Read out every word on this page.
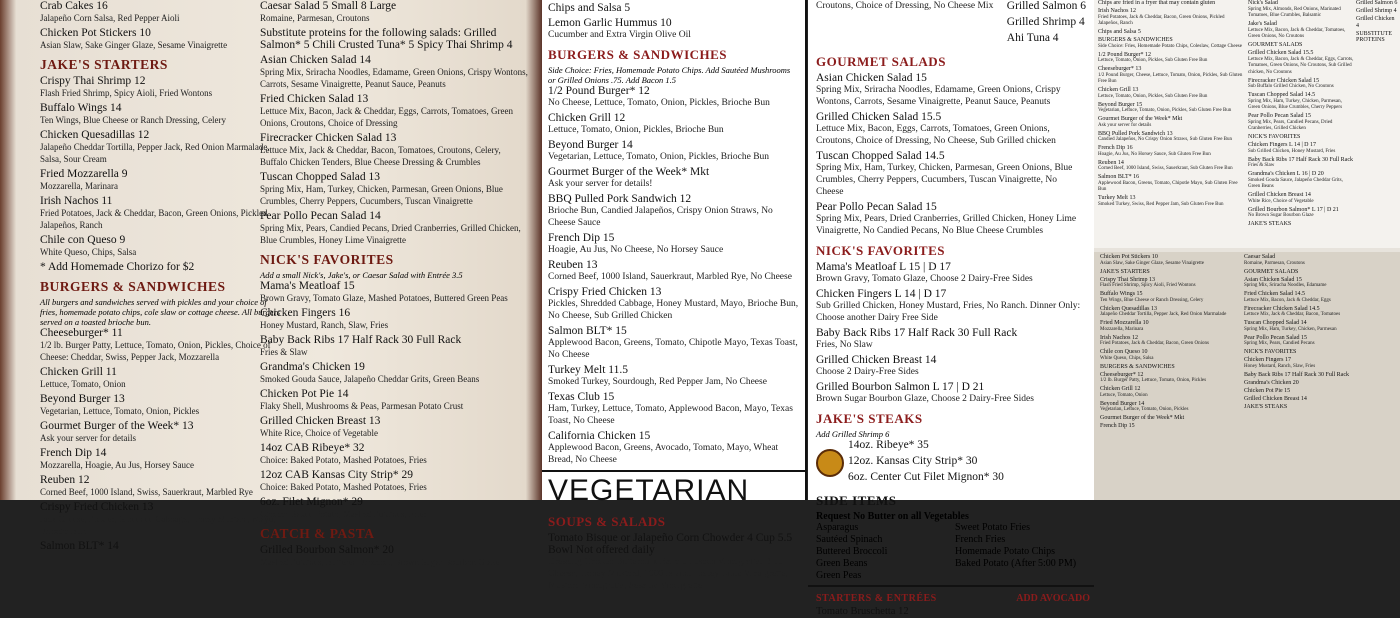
Crab Cakes 16
Jalapeño Corn Salsa, Red Pepper Aioli
Chicken Pot Stickers 10
Asian Slaw, Sake Ginger Glaze, Sesame Vinaigrette
JAKE'S STARTERS
Crispy Thai Shrimp 12
Flash Fried Shrimp, Spicy Aioli, Fried Wontons
Buffalo Wings 14
Ten Wings, Blue Cheese or Ranch Dressing, Celery
Chicken Quesadillas 12
Jalapeño Cheddar Tortilla, Pepper Jack, Red Onion Marmalade, Salsa, Sour Cream
Fried Mozzarella 9
Mozzarella, Marinara
Irish Nachos 11
Fried Potatoes, Jack & Cheddar, Bacon, Green Onions, Pickled Jalapeños, Ranch
Chile con Queso 9
White Queso, Chips, Salsa
* Add Homemade Chorizo for $2
BURGERS & SANDWICHES
All burgers and sandwiches served with pickles and your choice of fries, homemade potato chips, cole slaw or cottage cheese. All burgers served on a toasted brioche bun.
Cheeseburger* 11
1/2 lb. Burger Patty, Lettuce, Tomato, Onion, Pickles, Choice of Cheese: Cheddar, Swiss, Pepper Jack, Mozzarella
Chicken Grill 11
Lettuce, Tomato, Onion
Beyond Burger 13
Vegetarian, Lettuce, Tomato, Onion, Pickles
Gourmet Burger of the Week* 13
Ask your server for details
French Dip 14
Mozzarella, Hoagie, Au Jus, Horsey Sauce
Reuben 12
Corned Beef, 1000 Island, Swiss, Sauerkraut, Marbled Rye
Crispy Fried Chicken 13
Jack Cheese, Pickles, Shredded Cabbage, Honey Mustard, Mayo, Brioche Bun
Salmon BLT* 14
Caesar Salad 5 Small 8 Large
Romaine, Parmesan, Croutons
Substitute proteins for the following salads: Grilled Salmon* 5 Chili Crusted Tuna* 5 Spicy Thai Shrimp 4
Asian Chicken Salad 14
Spring Mix, Sriracha Noodles, Edamame, Green Onions, Crispy Wontons, Carrots, Sesame Vinaigrette, Peanut Sauce, Peanuts
Fried Chicken Salad 13
Lettuce Mix, Bacon, Jack & Cheddar, Eggs, Carrots, Tomatoes, Green Onions, Croutons, Choice of Dressing
Firecracker Chicken Salad 13
Lettuce Mix, Jack & Cheddar, Bacon, Tomatoes, Croutons, Celery, Buffalo Chicken Tenders, Blue Cheese Dressing & Crumbles
Tuscan Chopped Salad 13
Spring Mix, Ham, Turkey, Chicken, Parmesan, Green Onions, Blue Crumbles, Cherry Peppers, Cucumbers, Tuscan Vinaigrette
Pear Pollo Pecan Salad 14
Spring Mix, Pears, Candied Pecans, Dried Cranberries, Grilled Chicken, Blue Crumbles, Honey Lime Vinaigrette
NICK'S FAVORITES
Add a small Nick's, Jake's, or Caesar Salad with Entrée 3.5
Mama's Meatloaf 15
Brown Gravy, Tomato Glaze, Mashed Potatoes, Buttered Green Peas
Chicken Fingers 16
Honey Mustard, Ranch, Slaw, Fries
Baby Back Ribs 17 Half Rack 30 Full Rack
Fries & Slaw
Grandma's Chicken 19
Smoked Gouda Sauce, Jalapeño Cheddar Grits, Green Beans
Chicken Pot Pie 14
Flaky Shell, Mushrooms & Peas, Parmesan Potato Crust
Grilled Chicken Breast 13
White Rice, Choice of Vegetable
14oz CAB Ribeye* 32
Choice: Baked Potato, Mashed Potatoes, Fries
12oz CAB Kansas City Strip* 29
Choice: Baked Potato, Mashed Potatoes, Fries
6oz. Filet Mignon* 29
Choice: Baked Potato, Mashed Potatoes, Fries
CATCH & PASTA
Grilled Bourbon Salmon* 20
Mashed Potatoes, Buttered Broccoli, Brown Sugar Bourbon Glaze
Chips and Salsa 5
Lemon Garlic Hummus 10
Cucumber and Extra Virgin Olive Oil
BURGERS & SANDWICHES
Side Choice: Fries, Homemade Potato Chips. Add Sautéed Mushrooms or Grilled Onions .75. Add Bacon 1.5
1/2 Pound Burger* 12
No Cheese, Lettuce, Tomato, Onion, Pickles, Brioche Bun
Chicken Grill 12
Lettuce, Tomato, Onion, Pickles, Brioche Bun
Beyond Burger 14
Vegetarian, Lettuce, Tomato, Onion, Pickles, Brioche Bun
Gourmet Burger of the Week* Mkt
Ask your server for details!
BBQ Pulled Pork Sandwich 12
Brioche Bun, Candied Jalapeños, Crispy Onion Straws, No Cheese Sauce
French Dip 15
Hoagie, Au Jus, No Cheese, No Horsey Sauce
Reuben 13
Corned Beef, 1000 Island, Sauerkraut, Marbled Rye, No Cheese
Crispy Fried Chicken 13
Pickles, Shredded Cabbage, Honey Mustard, Mayo, Brioche Bun, No Cheese, Sub Grilled Chicken
Salmon BLT* 15
Applewood Bacon, Greens, Tomato, Chipotle Mayo, Texas Toast, No Cheese
Turkey Melt 11.5
Smoked Turkey, Sourdough, Red Pepper Jam, No Cheese
Texas Club 15
Ham, Turkey, Lettuce, Tomato, Applewood Bacon, Mayo, Texas Toast, No Cheese
California Chicken 15
Applewood Bacon, Greens, Avocado, Tomato, Mayo, Wheat Bread, No Cheese
VEGETARIAN
SOUPS & SALADS
Tomato Bisque or Jalapeño Corn Chowder 4 Cup 5.5 Bowl Not offered daily
Dressing Choice: Buttermilk Ranch, Tuscan Vinaigrette, Blue Cheese, Honey Mustard, 1000 Island, Honey Lime Vinaigrette, Mustard Vinaigrette, Sesame Vinaigrette
Croutons, Choice of Dressing, No Cheese Mix Grilled Salmon 6
Grilled Shrimp 4
Ahi Tuna 4
GOURMET SALADS
Asian Chicken Salad 15
Spring Mix, Sriracha Noodles, Edamame, Green Onions, Crispy Wontons, Carrots, Sesame Vinaigrette, Peanut Sauce, Peanuts
Grilled Chicken Salad 15.5
Lettuce Mix, Bacon, Eggs, Carrots, Tomatoes, Green Onions, Croutons, Choice of Dressing, No Cheese, Sub Grilled chicken
Tuscan Chopped Salad 14.5
Spring Mix, Ham, Turkey, Chicken, Parmesan, Green Onions, Blue Crumbles, Cherry Peppers, Cucumbers, Tuscan Vinaigrette, No Cheese
Pear Pollo Pecan Salad 15
Spring Mix, Pears, Dried Cranberries, Grilled Chicken, Honey Lime Vinaigrette, No Candied Pecans, No Blue Cheese Crumbles
NICK'S FAVORITES
Mama's Meatloaf L 15 | D 17
Brown Gravy, Tomato Glaze, Choose 2 Dairy-Free Sides
Chicken Fingers L 14 | D 17
Sub Grilled Chicken, Honey Mustard, Fries, No Ranch. Dinner Only: Choose another Dairy Free Side
Baby Back Ribs 17 Half Rack 30 Full Rack
Fries, No Slaw
Grilled Chicken Breast 14
Choose 2 Dairy-Free Sides
Grilled Bourbon Salmon L 17 | D 21
Brown Sugar Bourbon Glaze, Choose 2 Dairy-Free Sides
JAKE'S STEAKS
Add Grilled Shrimp 6
14oz. Ribeye* 35
12oz. Kansas City Strip* 30
6oz. Center Cut Filet Mignon* 30
SIDE ITEMS
Request No Butter on all Vegetables
Asparagus	Sweet Potato Fries
Sautéed Spinach	French Fries
Buttered Broccoli	Homemade Potato Chips
Green Beans	Baked Potato (After 5:00 PM)
Green Peas
STARTERS & ENTRÉES
Tomato Bruschetta 12
ADD AVOCADO
Chips are fried in a fryer that may contain gluten
Irish Nachos 12
Fried Potatoes, Jack & Cheddar, Bacon, Green Onions, Pickled Jalapeños, Ranch
Chips and Salsa 5
BURGERS & SANDWICHES
Side Choice: Fries, Homemade Potato Chips, Coleslaw, Cottage Cheese
1/2 Pound Burger* 12
Lettuce, Tomato, Onion, Pickles, Sub Gluten Free Bun
Cheeseburger* 13
1/2 Pound Burger, Cheese, Lettuce, Tomato, Onion, Pickles, Sub Gluten Free Bun
Chicken Grill 13
Lettuce, Tomato, Onion, Pickles, Sub Gluten Free Bun
Beyond Burger 15
Vegetarian, Lettuce, Tomato, Onion, Pickles, Sub Gluten Free Bun
Gourmet Burger of the Week* Mkt
Ask your server for details
BBQ Pulled Pork Sandwich 13
Candied Jalapeños, No Crispy Onion Straws, Sub Gluten Free Bun
French Dip 16
Hoagie, Au Jus, No Horsey Sauce, Sub Gluten Free Bun
Reuben 14
Corned Beef, 1000 Island, Swiss, Sauerkraut, Sub Gluten Free Bun
Salmon BLT* 16
Applewood Bacon, Greens, Tomato, Chipotle Mayo, Sub Gluten Free Bun
Turkey Melt 13
Smoked Turkey, Swiss, Red Pepper Jam, Sub Gluten Free Bun
Nick's Salad
Spring Mix, Almonds, Red Onions, Marinated Tomatoes, Blue Crumbles, Balsamic
Jake's Salad
Lettuce Mix, Bacon, Jack & Cheddar, Tomatoes, Green Onions, No Croutons
GOURMET SALADS
Grilled Chicken Salad 15.5
Lettuce Mix, Bacon, Jack & Cheddar, Eggs, Carrots, Tomatoes, Green Onions, No Croutons, Sub Grilled chicken, No Croutons
Firecracker Chicken Salad 15
Sub Buffalo Grilled Chicken, No Croutons
Tuscan Chopped Salad 14.5
Spring Mix, Ham, Turkey, Chicken, Parmesan, Green Onions, Blue Crumbles, Cherry Peppers
Pear Pollo Pecan Salad 15
Spring Mix, Pears, Candied Pecans, Dried Cranberries, Grilled Chicken
NICK'S FAVORITES
Chicken Fingers L 14 | D 17
Sub Grilled Chicken, Honey Mustard, Fries
Baby Back Ribs 17 Half Rack 30 Full Rack
Fries & Slaw
Grandma's Chicken L 16 | D 20
Smoked Gouda Sauce, Jalapeño Cheddar Grits, Green Beans
Grilled Chicken Breast 14
White Rice, Choice of Vegetable
Grilled Bourbon Salmon* L 17 | D 21
No Brown Sugar Bourbon Glaze
JAKE'S STEAKS
Grilled Salmon 6
Grilled Shrimp 4
Grilled Chicken 4
SUBSTITUTE PROTEINS
Chicken Pot Stickers 10
Asian Slaw, Sake Ginger Glaze, Sesame Vinaigrette
JAKE'S STARTERS
Crispy Thai Shrimp 13
Flash Fried Shrimp, Spicy Aioli, Fried Wontons
Buffalo Wings 15
Ten Wings, Blue Cheese or Ranch Dressing, Celery
Chicken Quesadillas 13
Jalapeño Cheddar Tortilla, Pepper Jack, Red Onion Marmalade
Fried Mozzarella 10
Mozzarella, Marinara
Irish Nachos 12
Fried Potatoes, Jack & Cheddar, Bacon, Green Onions
Chile con Queso 10
White Queso, Chips, Salsa
BURGERS & SANDWICHES
Cheeseburger* 12
1/2 lb. Burger Patty, Lettuce, Tomato, Onion, Pickles
Chicken Grill 12
Lettuce, Tomato, Onion
Beyond Burger 14
Vegetarian, Lettuce, Tomato, Onion, Pickles
Gourmet Burger of the Week* Mkt
French Dip 15
Caesar Salad
Romaine, Parmesan, Croutons
GOURMET SALADS
Asian Chicken Salad 15
Spring Mix, Sriracha Noodles, Edamame
Fried Chicken Salad 14.5
Lettuce Mix, Bacon, Jack & Cheddar, Eggs
Firecracker Chicken Salad 14.5
Lettuce Mix, Jack & Cheddar, Bacon, Tomatoes
Tuscan Chopped Salad 14
Spring Mix, Ham, Turkey, Chicken, Parmesan
Pear Pollo Pecan Salad 15
Spring Mix, Pears, Candied Pecans
NICK'S FAVORITES
Chicken Fingers 17
Honey Mustard, Ranch, Slaw, Fries
Baby Back Ribs 17 Half Rack 30 Full Rack
Grandma's Chicken 20
Chicken Pot Pie 15
Grilled Chicken Breast 14
JAKE'S STEAKS
